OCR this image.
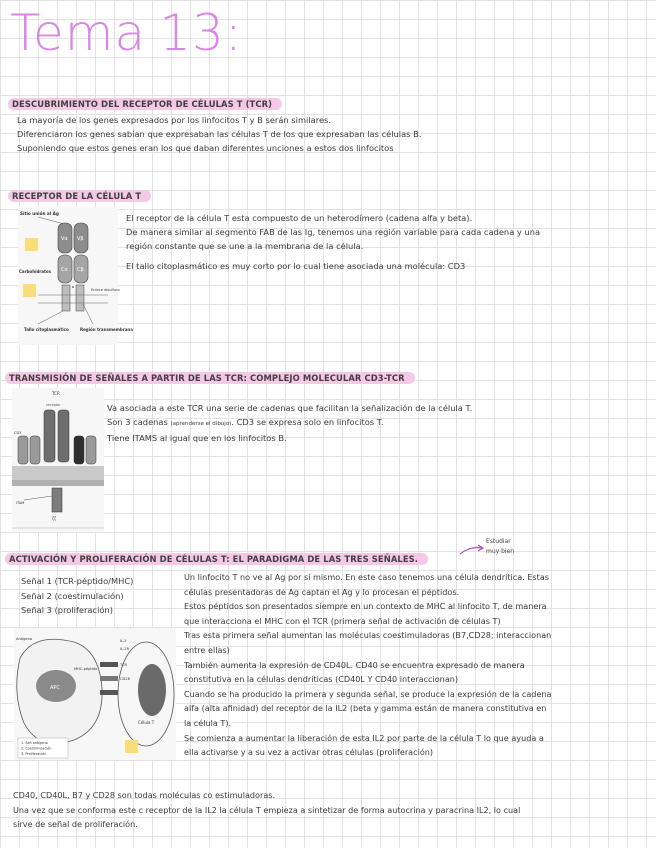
Tema 13:
DESCUBRIMIENTO DEL RECEPTOR DE CÉLULAS T (TCR)
La mayoría de los genes expresados por los linfocitos T y B serán similares.
Diferenciaron los genes sabían que expresaban las células T de los que expresaban las células B.
Suponiendo que estos genes eran los que daban diferentes unciones a estos dos linfocitos
RECEPTOR DE LA CÉLULA T
Sitio unión al Ag
Vα Vβ
Cα Cβ
Carbohidratos
Enlace disulfuro
Tallo citoplasmático	Región transmembrana
El receptor de la célula T esta compuesto de un heterodímero (cadena alfa y beta).
De manera similar al segmento FAB de las Ig, tenemos una región variable para cada cadena y una
región constante que se une a la membrana de la célula.
El tallo citoplasmático es muy corto por lo cual tiene asociada una molécula: CD3
TRANSMISIÓN DE SEÑALES A PARTIR DE LAS TCR: COMPLEJO MOLECULAR CD3-TCR
TCR
receptor
CD3
ζζ
ITAM
Va asociada a este TCR una serie de cadenas que facilitan la señalización de la célula T.
Son 3 cadenas (aprenderse el dibujo). CD3 se expresa solo en linfocitos T.
Tiene ITAMS al igual que en los linfocitos B.
ACTIVACIÓN Y PROLIFERACIÓN DE CÉLULAS T: EL PARADIGMA DE LAS TRES SEÑALES.
Estudiar
muy bien
Señal 1 (TCR-péptido/MHC)
Señal 2 (coestimulación)
Señal 3 (proliferación)
APC
Antígeno
Célula T
MHC-péptido
TCR
CD28
IL-2
IL-2R
1. Señ antígeno
2. Coestimulación
3. Proliferación
Un linfocito T no ve al Ag por sí mismo. En este caso tenemos una célula dendrítica. Estas
células presentadoras de Ag captan el Ag y lo procesan el péptidos.
Estos péptidos son presentados siempre en un contexto de MHC al linfocito T, de manera
que interacciona el MHC con el TCR (primera señal de activación de células T)
Tras esta primera señal aumentan las moléculas coestimuladoras (B7,CD28; interaccionan
entre ellas)
También aumenta la expresión de CD40L. CD40 se encuentra expresado de manera
constitutiva en la células dendríticas (CD40L Y CD40 interaccionan)
Cuando se ha producido la primera y segunda señal, se produce la expresión de la cadena
alfa (alta afinidad) del receptor de la IL2 (beta y gamma están de manera constitutiva en
la célula T).
Se comienza a aumentar la liberación de esta IL2 por parte de la célula T lo que ayuda a
ella activarse y a su vez a activar otras células (proliferación)
CD40, CD40L, B7 y CD28 son todas moléculas co estimuladoras.
Una vez que se conforma este c receptor de la IL2 la célula T empieza a sintetizar de forma autocrina y paracrina IL2, lo cual
sirve de señal de proliferación.
